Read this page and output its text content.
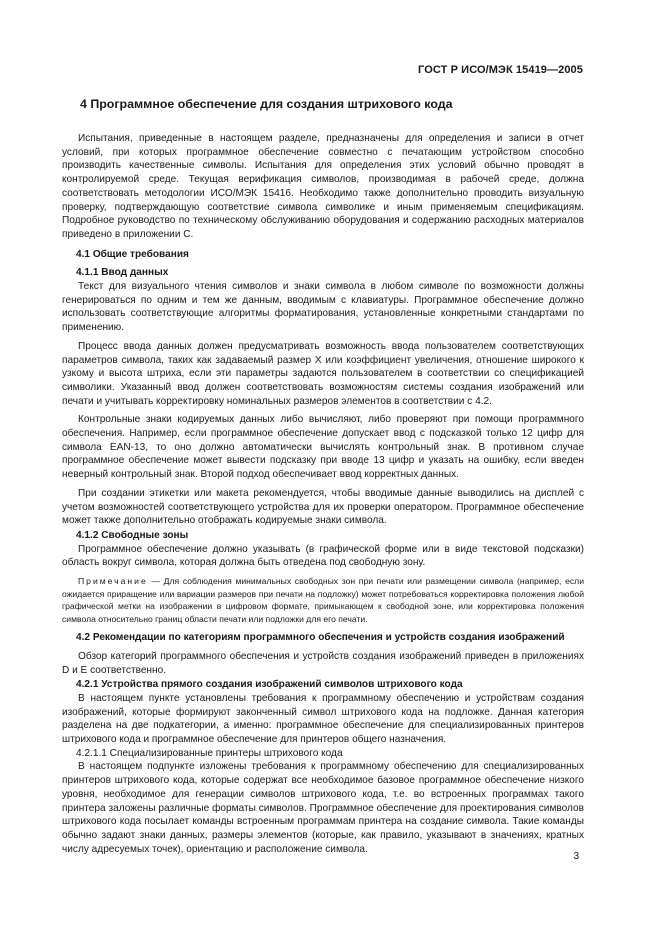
ГОСТ Р ИСО/МЭК 15419—2005
4 Программное обеспечение для создания штрихового кода

Испытания, приведенные в настоящем разделе, предназначены для определения и записи в отчет условий, при которых программное обеспечение совместно с печатающим устройством способно производить качественные символы. Испытания для определения этих условий обычно проводят в контролируемой среде. Текущая верификация символов, производимая в рабочей среде, должна соответствовать методологии ИСО/МЭК 15416. Необходимо также дополнительно проводить визуальную проверку, подтверждающую соответствие символа символике и иным применяемым спецификациям. Подробное руководство по техническому обслуживанию оборудования и содержанию расходных материалов приведено в приложении С.

4.1 Общие требования
4.1.1 Ввод данных

Текст для визуального чтения символов и знаки символа в любом символе по возможности должны генерироваться по одним и тем же данным, вводимым с клавиатуры. Программное обеспечение должно использовать соответствующие алгоритмы форматирования, установленные конкретными стандартами по применению.

Процесс ввода данных должен предусматривать возможность ввода пользователем соответствующих параметров символа, таких как задаваемый размер X или коэффициент увеличения, отношение широкого к узкому и высота штриха, если эти параметры задаются пользователем в соответствии со спецификацией символики. Указанный ввод должен соответствовать возможностям системы создания изображений или печати и учитывать корректировку номинальных размеров элементов в соответствии с 4.2.

Контрольные знаки кодируемых данных либо вычисляют, либо проверяют при помощи программного обеспечения. Например, если программное обеспечение допускает ввод с подсказкой только 12 цифр для символа EAN-13, то оно должно автоматически вычислять контрольный знак. В противном случае программное обеспечение может вывести подсказку при вводе 13 цифр и указать на ошибку, если введен неверный контрольный знак. Второй подход обеспечивает ввод корректных данных.

При создании этикетки или макета рекомендуется, чтобы вводимые данные выводились на дисплей с учетом возможностей соответствующего устройства для их проверки оператором. Программное обеспечение может также дополнительно отображать кодируемые знаки символа.

4.1.2 Свободные зоны

Программное обеспечение должно указывать (в графической форме или в виде текстовой подсказки) область вокруг символа, которая должна быть отведена под свободную зону.

Примечание — Для соблюдения минимальных свободных зон при печати или размещении символа (например, если ожидается приращение или вариации размеров при печати на подложку) может потребоваться корректировка положения любой графической метки на изображении в цифровом формате, примыкающем к свободной зоне, или корректировка положения символа относительно границ области печати или подложки для его печати.

4.2 Рекомендации по категориям программного обеспечения и устройств создания изображений

Обзор категорий программного обеспечения и устройств создания изображений приведен в приложениях D и E соответственно.

4.2.1 Устройства прямого создания изображений символов штрихового кода

В настоящем пункте установлены требования к программному обеспечению и устройствам создания изображений, которые формируют законченный символ штрихового кода на подложке. Данная категория разделена на две подкатегории, а именно: программное обеспечение для специализированных принтеров штрихового кода и программное обеспечение для принтеров общего назначения.

4.2.1.1 Специализированные принтеры штрихового кода

В настоящем подпункте изложены требования к программному обеспечению для специализированных принтеров штрихового кода, которые содержат все необходимое базовое программное обеспечение низкого уровня, необходимое для генерации символов штрихового кода, т.е. во встроенных программах такого принтера заложены различные форматы символов. Программное обеспечение для проектирования символов штрихового кода посылает команды встроенным программам принтера на создание символа. Такие команды обычно задают знаки данных, размеры элементов (которые, как правило, указывают в значениях, кратных числу адресуемых точек), ориентацию и расположение символа.

3
